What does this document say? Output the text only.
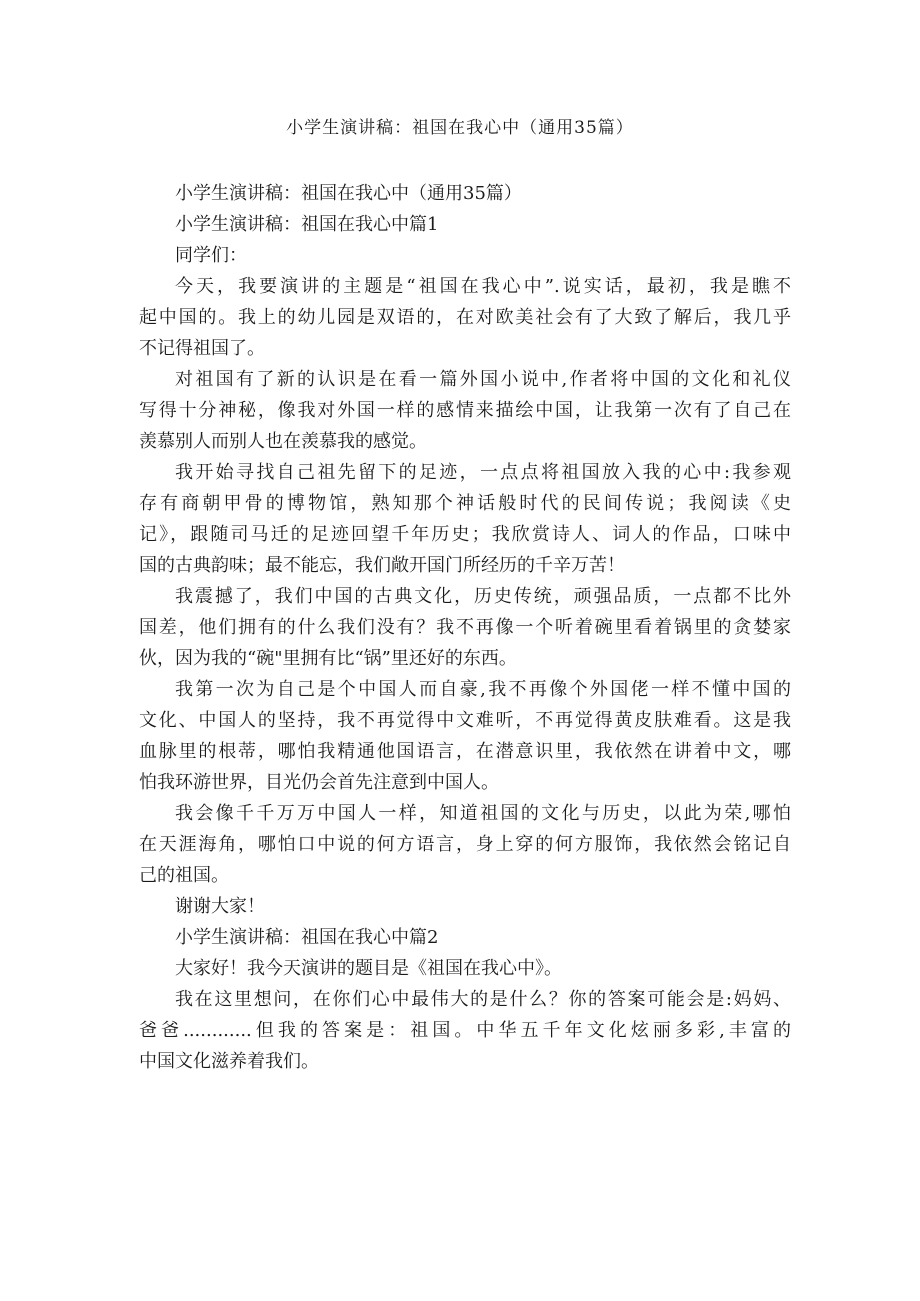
小学生演讲稿：祖国在我心中（通用35篇）

小学生演讲稿：祖国在我心中（通用35篇）

小学生演讲稿：祖国在我心中篇1

同学们：

今天，我要演讲的主题是“祖国在我心中”.说实话，最初，我是瞧不

起中国的。我上的幼儿园是双语的，在对欧美社会有了大致了解后，我几乎

不记得祖国了。

对祖国有了新的认识是在看一篇外国小说中,作者将中国的文化和礼仪

写得十分神秘，像我对外国一样的感情来描绘中国，让我第一次有了自己在

羡慕别人而别人也在羡慕我的感觉。

我开始寻找自己祖先留下的足迹，一点点将祖国放入我的心中:我参观

存有商朝甲骨的博物馆，熟知那个神话般时代的民间传说；我阅读《史

记》，跟随司马迁的足迹回望千年历史；我欣赏诗人、词人的作品，口味中

国的古典韵味；最不能忘，我们敞开国门所经历的千辛万苦！

我震撼了，我们中国的古典文化，历史传统，顽强品质，一点都不比外

国差，他们拥有的什么我们没有？我不再像一个听着碗里看着锅里的贪婪家

伙，因为我的“碗"里拥有比“锅”里还好的东西。

我第一次为自己是个中国人而自豪,我不再像个外国佬一样不懂中国的

文化、中国人的坚持，我不再觉得中文难听，不再觉得黄皮肤难看。这是我

血脉里的根蒂，哪怕我精通他国语言，在潜意识里，我依然在讲着中文，哪

怕我环游世界，目光仍会首先注意到中国人。

我会像千千万万中国人一样，知道祖国的文化与历史，以此为荣,哪怕

在天涯海角，哪怕口中说的何方语言，身上穿的何方服饰，我依然会铭记自

己的祖国。

谢谢大家！

小学生演讲稿：祖国在我心中篇2

大家好！我今天演讲的题目是《祖国在我心中》。

我在这里想问，在你们心中最伟大的是什么？你的答案可能会是:妈妈、

爸爸............但我的答案是：祖国。中华五千年文化炫丽多彩,丰富的

中国文化滋养着我们。
